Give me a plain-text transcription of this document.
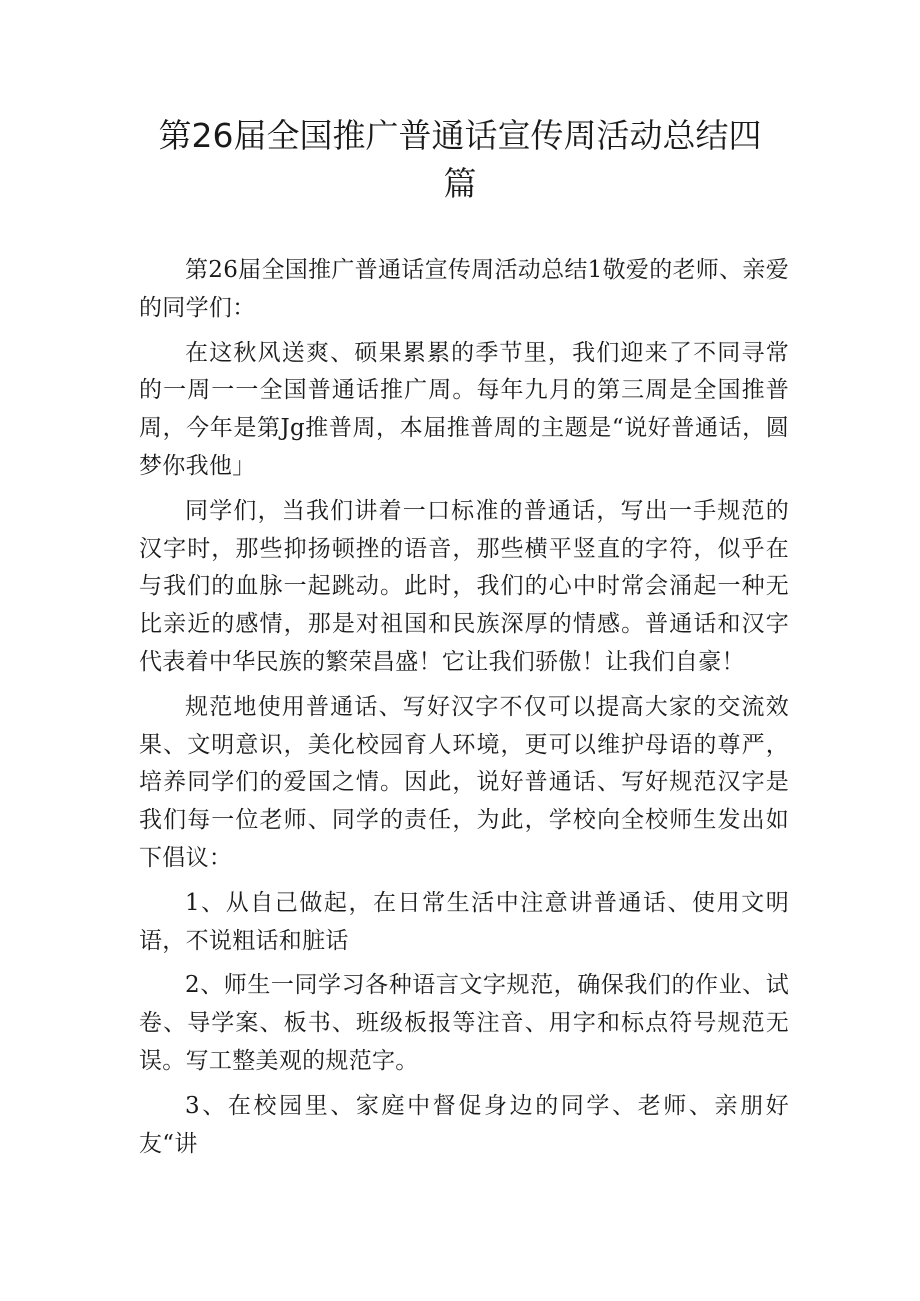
第26届全国推广普通话宣传周活动总结四
篇

第26届全国推广普通话宣传周活动总结1敬爱的老师、亲爱的同学们：

在这秋风送爽、硕果累累的季节里，我们迎来了不同寻常的一周一一全国普通话推广周。每年九月的第三周是全国推普周，今年是第Jg推普周，本届推普周的主题是“说好普通话，圆梦你我他」

同学们，当我们讲着一口标准的普通话，写出一手规范的汉字时，那些抑扬顿挫的语音，那些横平竖直的字符，似乎在与我们的血脉一起跳动。此时，我们的心中时常会涌起一种无比亲近的感情，那是对祖国和民族深厚的情感。普通话和汉字代表着中华民族的繁荣昌盛！它让我们骄傲！让我们自豪！

规范地使用普通话、写好汉字不仅可以提高大家的交流效果、文明意识，美化校园育人环境，更可以维护母语的尊严，培养同学们的爱国之情。因此，说好普通话、写好规范汉字是我们每一位老师、同学的责任，为此，学校向全校师生发出如下倡议：

1、从自己做起，在日常生活中注意讲普通话、使用文明语，不说粗话和脏话

2、师生一同学习各种语言文字规范，确保我们的作业、试卷、导学案、板书、班级板报等注音、用字和标点符号规范无误。写工整美观的规范字。

3、在校园里、家庭中督促身边的同学、老师、亲朋好友“讲
